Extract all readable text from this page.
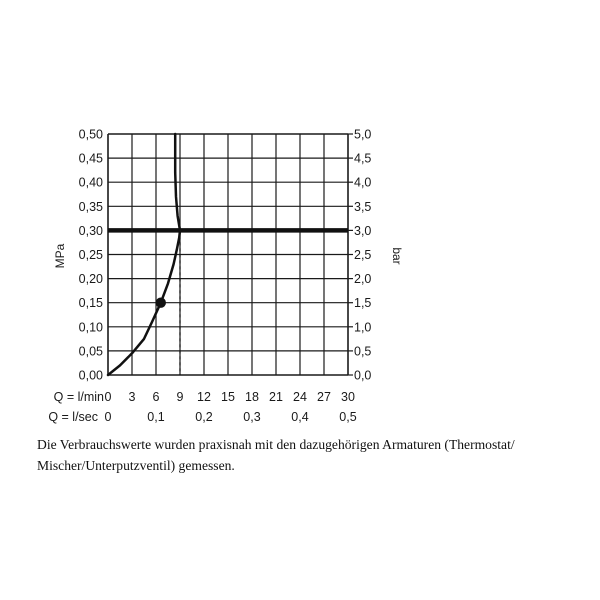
0,00
0,05
0,10
0,15
0,20
0,25
0,30
0,35
0,40
0,45
0,50
0,0
0,5
1,0
1,5
2,0
2,5
3,0
3,5
4,0
4,5
5,0
0 3 6 9 12 15 18 21 24 27 30
0	0,1 0,2 0,3 0,4 0,5
MPa	bar
Q = l/min
Q = l/sec
Die Verbrauchswerte wurden praxisnah mit den dazugehörigen Armaturen (Thermostat/ Mischer/Unterputzventil) gemessen.
